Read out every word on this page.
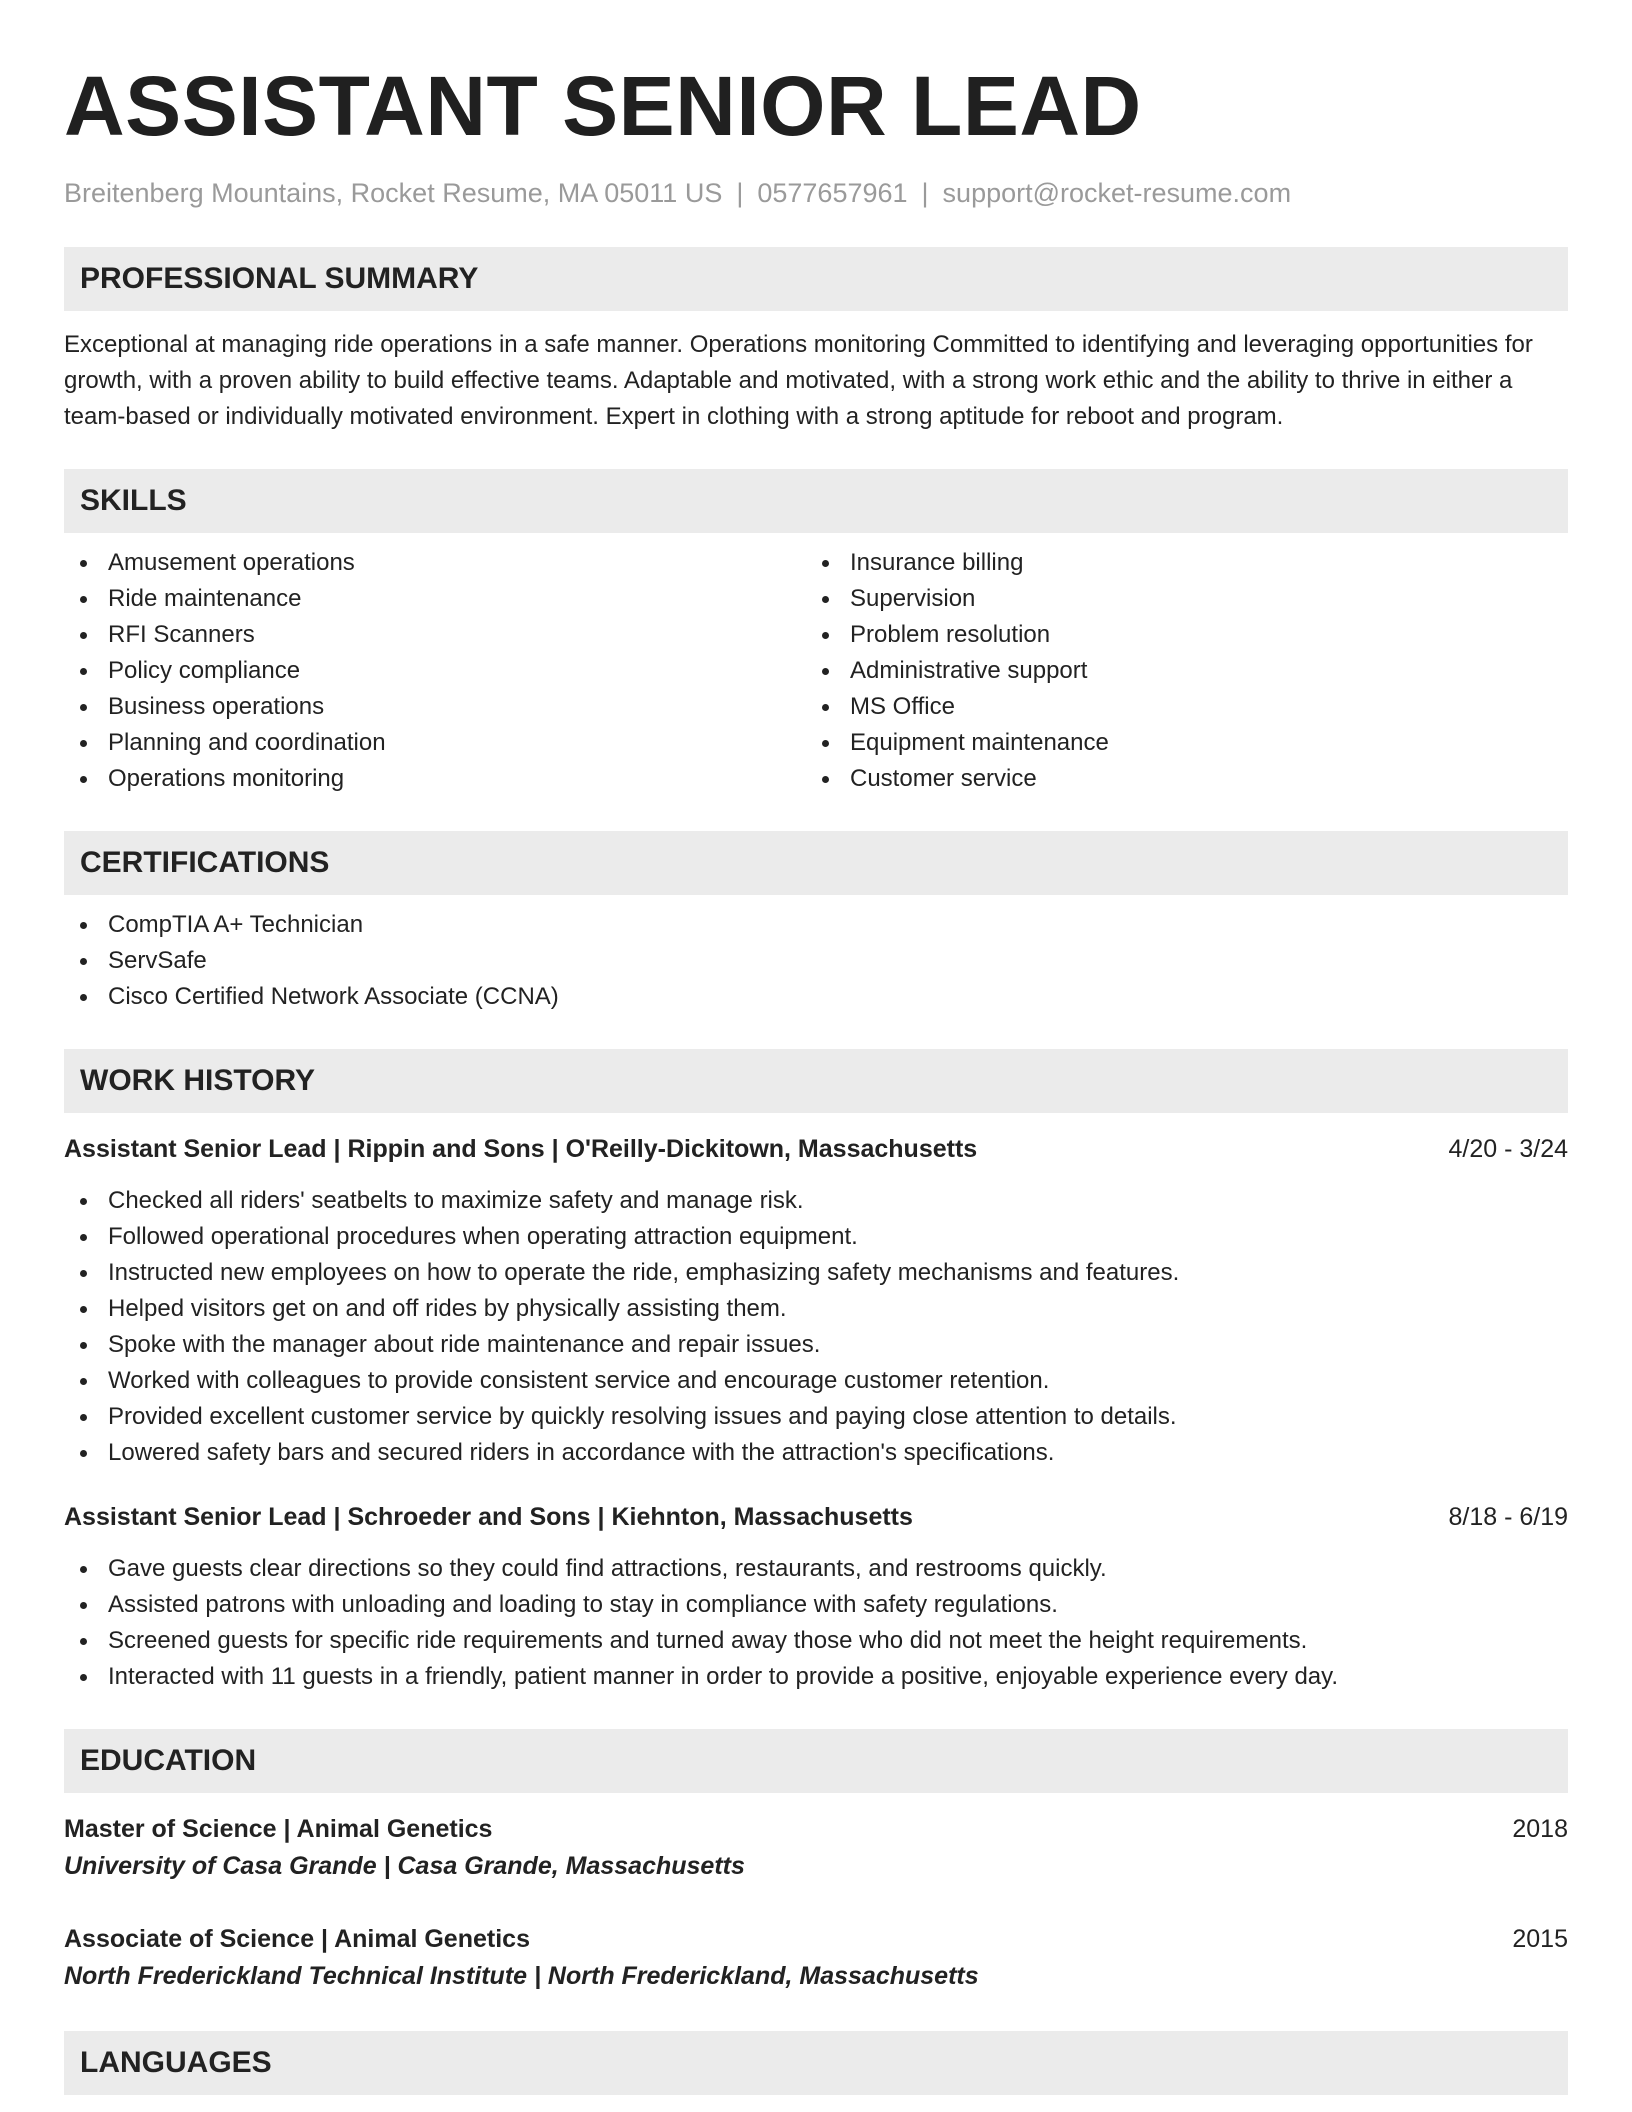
ASSISTANT SENIOR LEAD
Breitenberg Mountains, Rocket Resume, MA 05011 US | 0577657961 | support@rocket-resume.com
PROFESSIONAL SUMMARY
Exceptional at managing ride operations in a safe manner. Operations monitoring Committed to identifying and leveraging opportunities for growth, with a proven ability to build effective teams. Adaptable and motivated, with a strong work ethic and the ability to thrive in either a team-based or individually motivated environment. Expert in clothing with a strong aptitude for reboot and program.
SKILLS
Amusement operations
Ride maintenance
RFI Scanners
Policy compliance
Business operations
Planning and coordination
Operations monitoring
Insurance billing
Supervision
Problem resolution
Administrative support
MS Office
Equipment maintenance
Customer service
CERTIFICATIONS
CompTIA A+ Technician
ServSafe
Cisco Certified Network Associate (CCNA)
WORK HISTORY
Assistant Senior Lead | Rippin and Sons | O'Reilly-Dickitown, Massachusetts	4/20 - 3/24
Checked all riders' seatbelts to maximize safety and manage risk.
Followed operational procedures when operating attraction equipment.
Instructed new employees on how to operate the ride, emphasizing safety mechanisms and features.
Helped visitors get on and off rides by physically assisting them.
Spoke with the manager about ride maintenance and repair issues.
Worked with colleagues to provide consistent service and encourage customer retention.
Provided excellent customer service by quickly resolving issues and paying close attention to details.
Lowered safety bars and secured riders in accordance with the attraction's specifications.
Assistant Senior Lead | Schroeder and Sons | Kiehnton, Massachusetts	8/18 - 6/19
Gave guests clear directions so they could find attractions, restaurants, and restrooms quickly.
Assisted patrons with unloading and loading to stay in compliance with safety regulations.
Screened guests for specific ride requirements and turned away those who did not meet the height requirements.
Interacted with 11 guests in a friendly, patient manner in order to provide a positive, enjoyable experience every day.
EDUCATION
Master of Science | Animal Genetics	2018
University of Casa Grande | Casa Grande, Massachusetts
Associate of Science | Animal Genetics	2015
North Frederickland Technical Institute | North Frederickland, Massachusetts
LANGUAGES
